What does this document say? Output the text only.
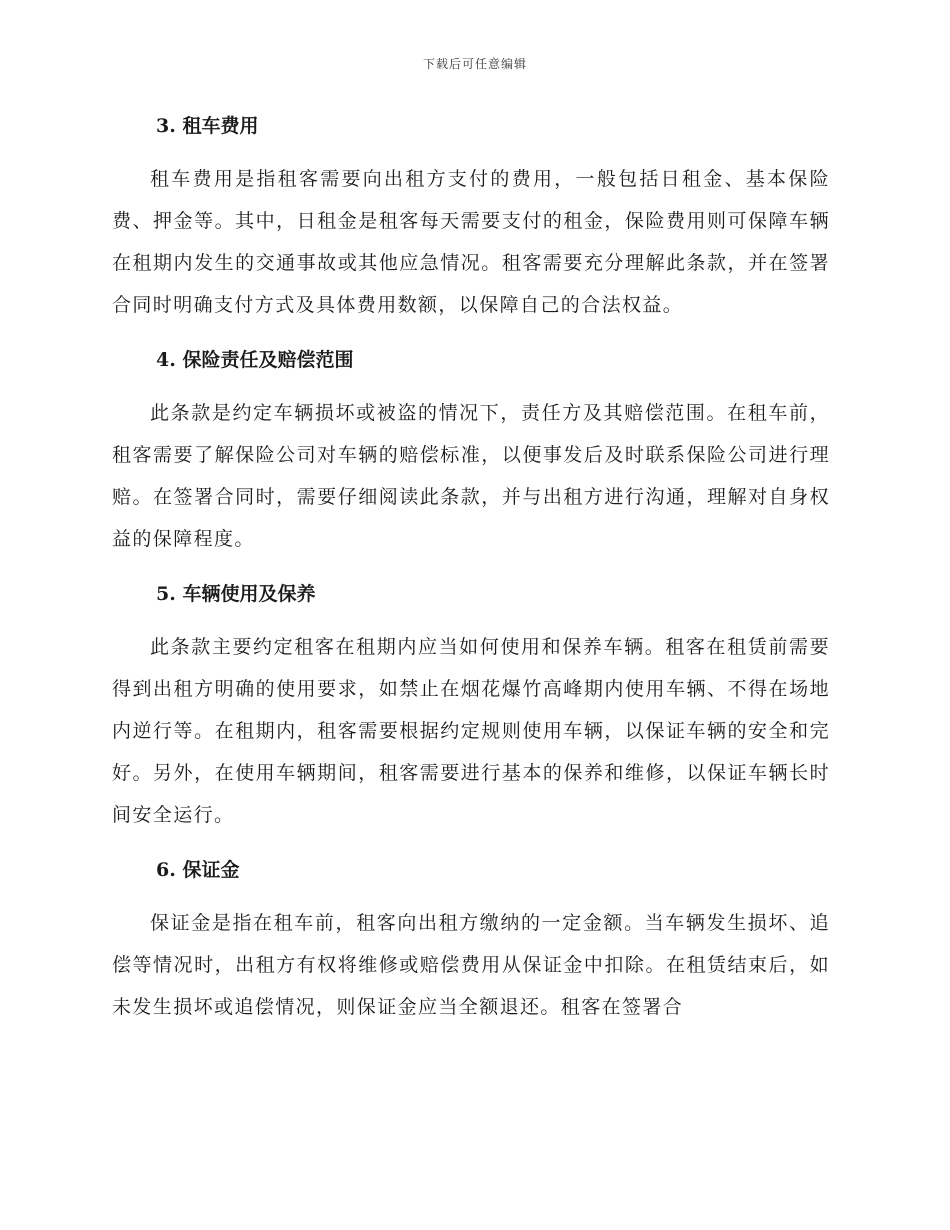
下载后可任意编辑
3. 租车费用

租车费用是指租客需要向出租方支付的费用，一般包括日租金、基本保险费、押金等。其中，日租金是租客每天需要支付的租金，保险费用则可保障车辆在租期内发生的交通事故或其他应急情况。租客需要充分理解此条款，并在签署合同时明确支付方式及具体费用数额，以保障自己的合法权益。

4. 保险责任及赔偿范围

此条款是约定车辆损坏或被盗的情况下，责任方及其赔偿范围。在租车前，租客需要了解保险公司对车辆的赔偿标准，以便事发后及时联系保险公司进行理赔。在签署合同时，需要仔细阅读此条款，并与出租方进行沟通，理解对自身权益的保障程度。

5. 车辆使用及保养

此条款主要约定租客在租期内应当如何使用和保养车辆。租客在租赁前需要得到出租方明确的使用要求，如禁止在烟花爆竹高峰期内使用车辆、不得在场地内逆行等。在租期内，租客需要根据约定规则使用车辆，以保证车辆的安全和完好。另外，在使用车辆期间，租客需要进行基本的保养和维修，以保证车辆长时间安全运行。

6. 保证金

保证金是指在租车前，租客向出租方缴纳的一定金额。当车辆发生损坏、追偿等情况时，出租方有权将维修或赔偿费用从保证金中扣除。在租赁结束后，如未发生损坏或追偿情况，则保证金应当全额退还。租客在签署合
